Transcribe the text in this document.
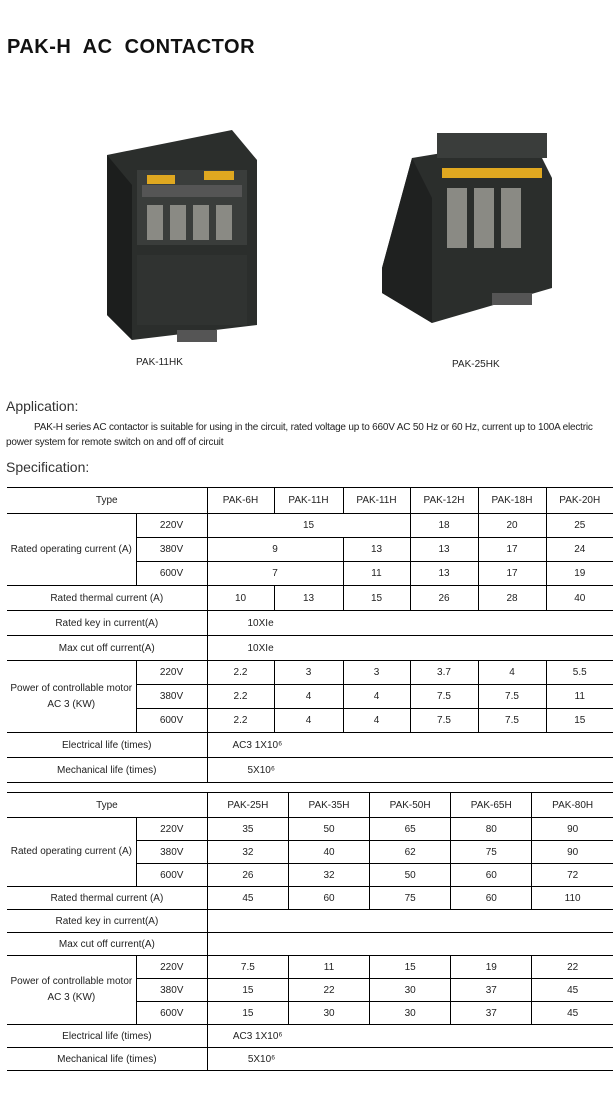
PAK-H AC CONTACTOR
PAK-11HK	PAK-25HK
Application:
PAK-H series AC contactor is suitable for using in the circuit, rated voltage up to 660V AC 50 Hz or 60 Hz, current up to 100A electric power system for remote switch on and off of circuit
Specification:
Type		PAK-6H	PAK-11H	PAK-11H	PAK-12H	PAK-18H	PAK-20H
Rated operating current (A)	220V	15			18	20	25
	380V	9		13	13	17	24
	600V	7		11	13	17	19
Rated thermal current (A)		10	13	15	26	28	40
Rated key in current(A)		10XIe					
Max cut off current(A)		10XIe					
Power of controllable motor AC 3 (KW)	220V	2.2	3	3	3.7	4	5.5
	380V	2.2	4	4	7.5	7.5	11
	600V	2.2	4	4	7.5	7.5	15
Electrical life (times)		AC3 1X10⁶					
Mechanical life (times)		5X10⁶					
Type		PAK-25H	PAK-35H	PAK-50H	PAK-65H	PAK-80H
Rated operating current (A)	220V	35	50	65	80	90
	380V	32	40	62	75	90
	600V	26	32	50	60	72
Rated thermal current (A)		45	60	75	60	110
Rated key in current(A)						
Max cut off current(A)						
Power of controllable motor AC 3 (KW)	220V	7.5	11	15	19	22
	380V	15	22	30	37	45
	600V	15	30	30	37	45
Electrical life (times)		AC3 1X10⁶				
Mechanical life (times)		5X10⁶				
